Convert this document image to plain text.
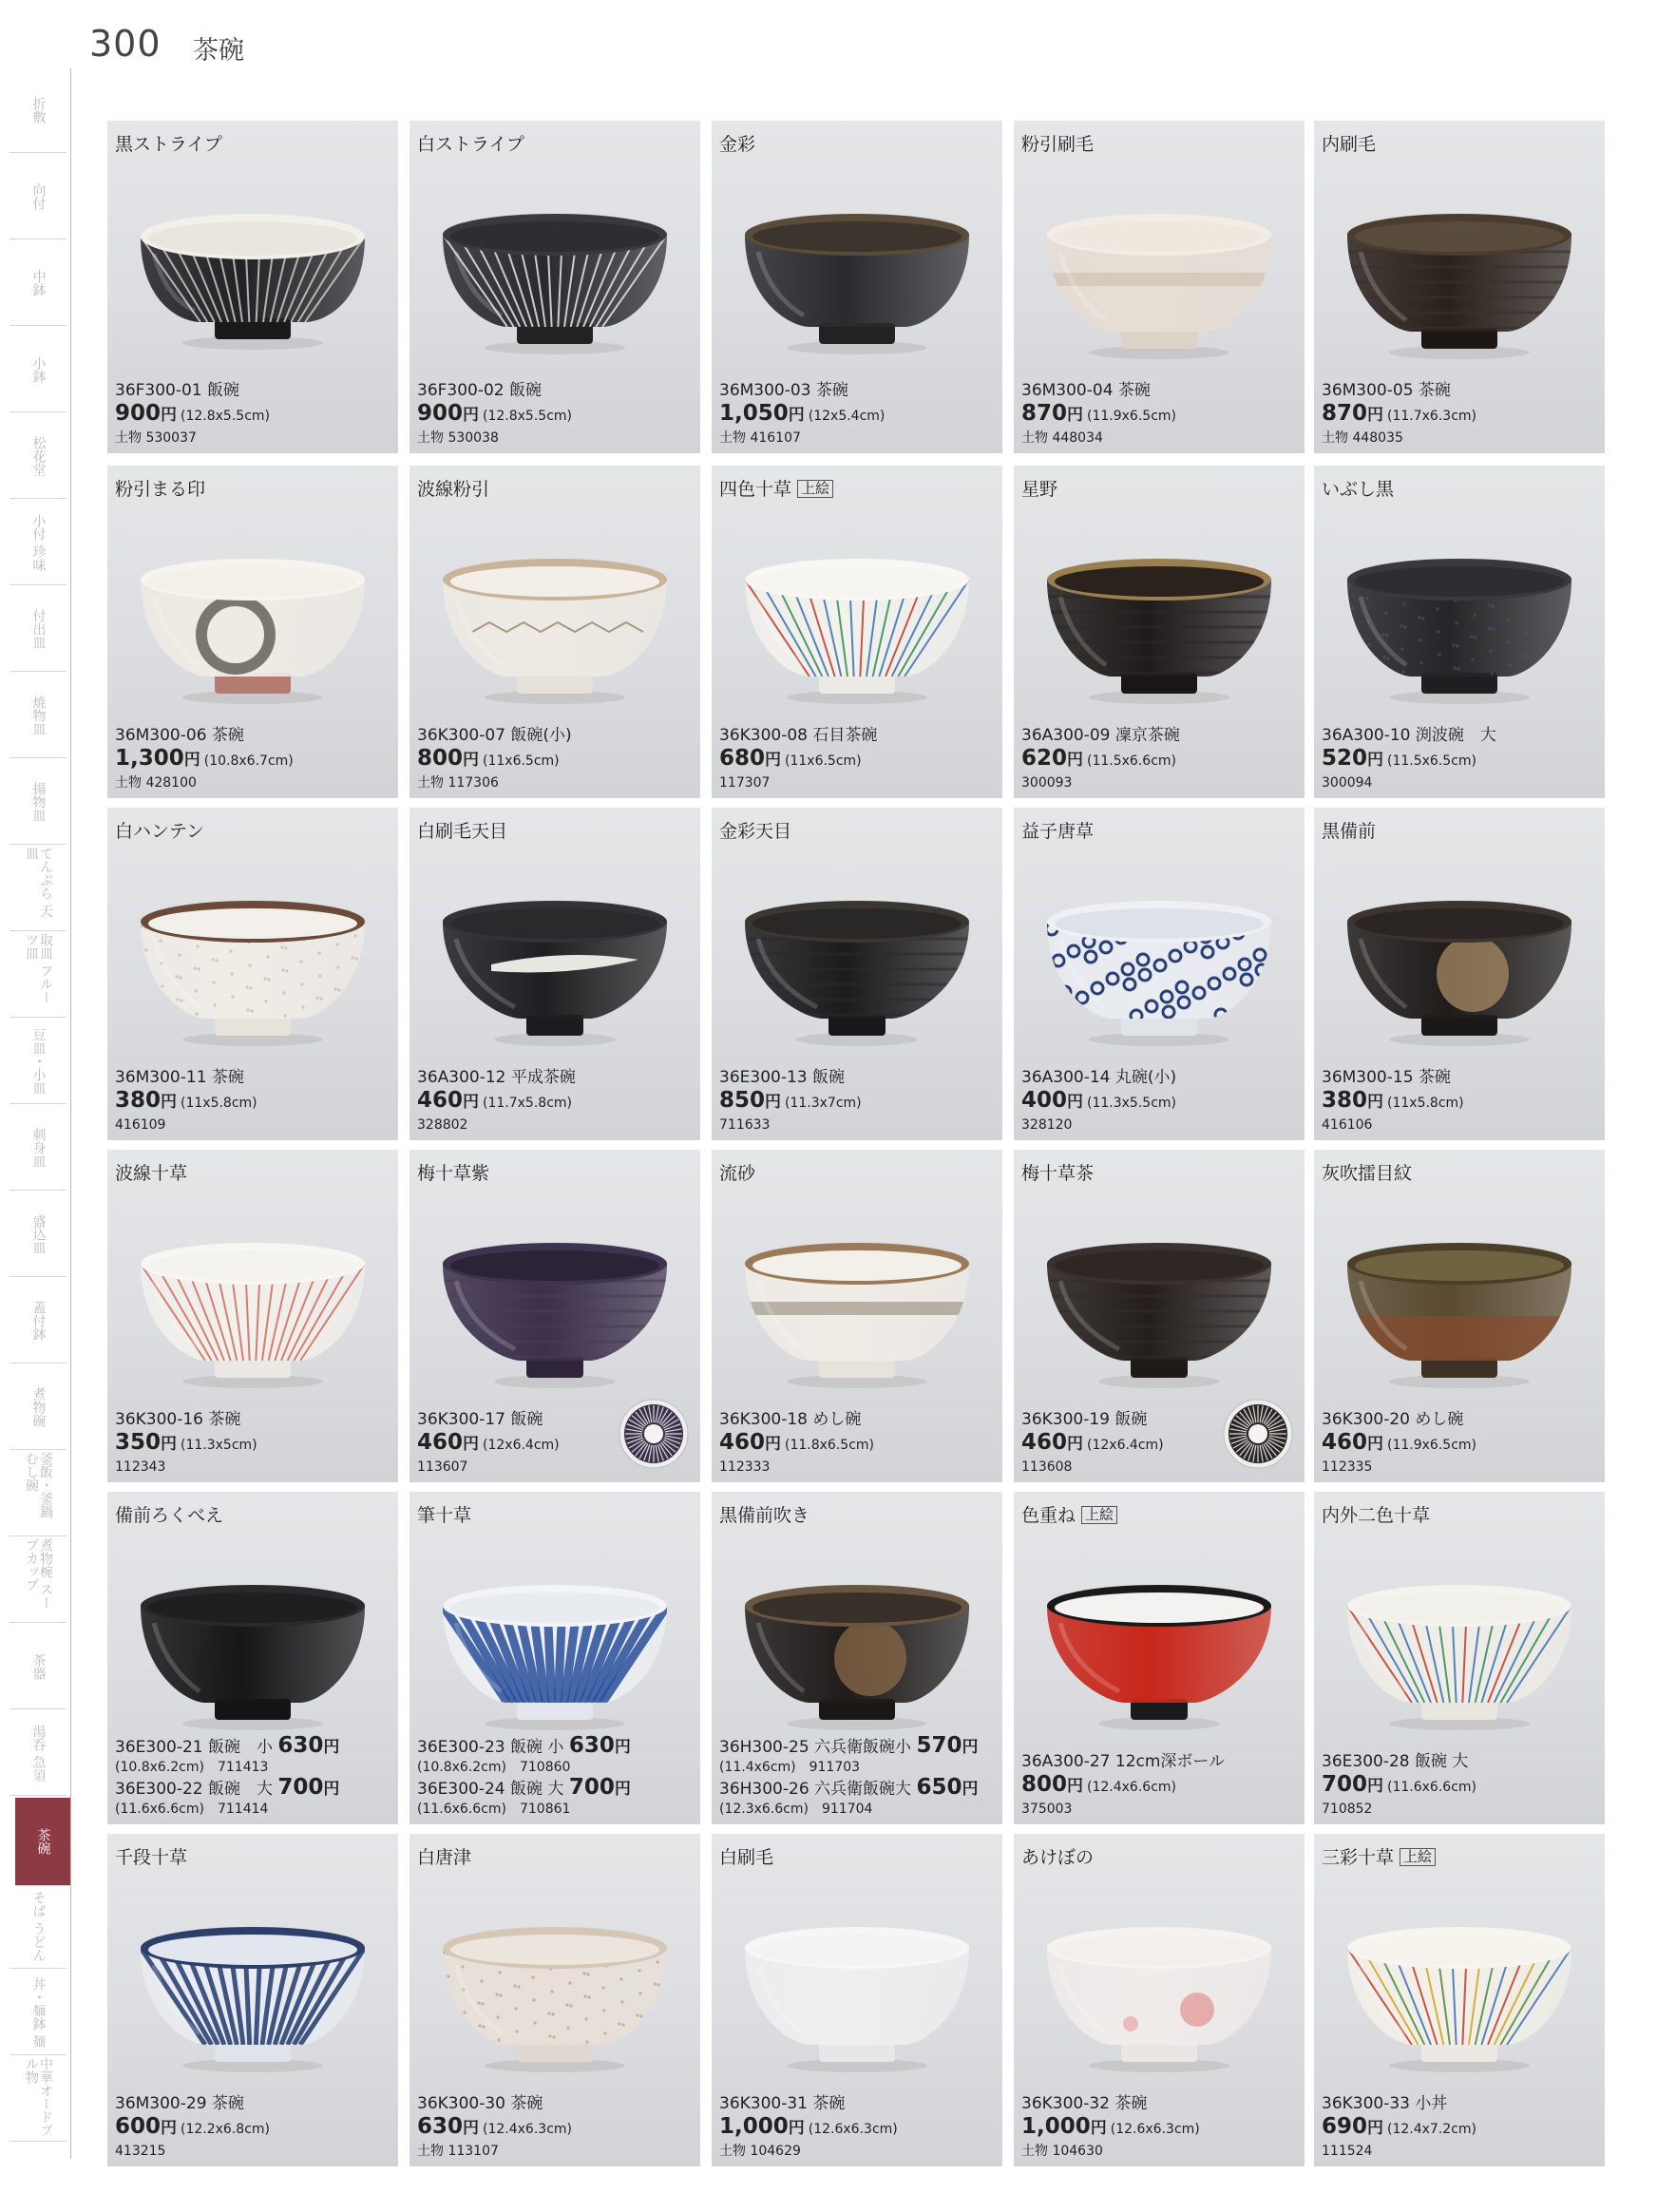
300 茶碗
折敷
向付
中鉢
小鉢
松花堂
小付 珍味
付出皿
焼物皿
揚物皿
てんぷら 天皿
取皿 フルーツ皿
豆皿・小皿
刺身皿
盛込皿
蓋付鉢
煮物碗
釜飯・釜鍋 むし碗
煮物椀 スープカップ
茶器
湯呑 急須
茶碗
そば うどん
丼・麺鉢 麺
中華オードブル物
黒ストライプ
36F300-01 飯碗
900円 (12.8x5.5cm)
土物 530037
白ストライプ
36F300-02 飯碗
900円 (12.8x5.5cm)
土物 530038
金彩
36M300-03 茶碗
1,050円 (12x5.4cm)
土物 416107
粉引刷毛
36M300-04 茶碗
870円 (11.9x6.5cm)
土物 448034
内刷毛
36M300-05 茶碗
870円 (11.7x6.3cm)
土物 448035
粉引まる印
36M300-06 茶碗
1,300円 (10.8x6.7cm)
土物 428100
波線粉引
36K300-07 飯碗(小)
800円 (11x6.5cm)
土物 117306
四色十草 上絵
36K300-08 石目茶碗
680円 (11x6.5cm)
117307
星野
36A300-09 凜京茶碗
620円 (11.5x6.6cm)
300093
いぶし黒
36A300-10 渕波碗　大
520円 (11.5x6.5cm)
300094
白ハンテン
36M300-11 茶碗
380円 (11x5.8cm)
416109
白刷毛天目
36A300-12 平成茶碗
460円 (11.7x5.8cm)
328802
金彩天目
36E300-13 飯碗
850円 (11.3x7cm)
711633
益子唐草
36A300-14 丸碗(小)
400円 (11.3x5.5cm)
328120
黒備前
36M300-15 茶碗
380円 (11x5.8cm)
416106
波線十草
36K300-16 茶碗
350円 (11.3x5cm)
112343
梅十草紫
36K300-17 飯碗
460円 (12x6.4cm)
113607
流砂
36K300-18 めし碗
460円 (11.8x6.5cm)
112333
梅十草茶
36K300-19 飯碗
460円 (12x6.4cm)
113608
灰吹擂目紋
36K300-20 めし碗
460円 (11.9x6.5cm)
112335
備前ろくべえ
36E300-21 飯碗　小 630円
(10.8x6.2cm)　711413
36E300-22 飯碗　大 700円
(11.6x6.6cm)　711414
筆十草
36E300-23 飯碗 小 630円
(10.8x6.2cm)　710860
36E300-24 飯碗 大 700円
(11.6x6.6cm)　710861
黒備前吹き
36H300-25 六兵衛飯碗小 570円
(11.4x6cm)　911703
36H300-26 六兵衛飯碗大 650円
(12.3x6.6cm)　911704
色重ね 上絵
36A300-27 12cm深ボール
800円 (12.4x6.6cm)
375003
内外二色十草
36E300-28 飯碗 大
700円 (11.6x6.6cm)
710852
千段十草
36M300-29 茶碗
600円 (12.2x6.8cm)
413215
白唐津
36K300-30 茶碗
630円 (12.4x6.3cm)
土物 113107
白刷毛
36K300-31 茶碗
1,000円 (12.6x6.3cm)
土物 104629
あけぼの
36K300-32 茶碗
1,000円 (12.6x6.3cm)
土物 104630
三彩十草 上絵
36K300-33 小丼
690円 (12.4x7.2cm)
111524
